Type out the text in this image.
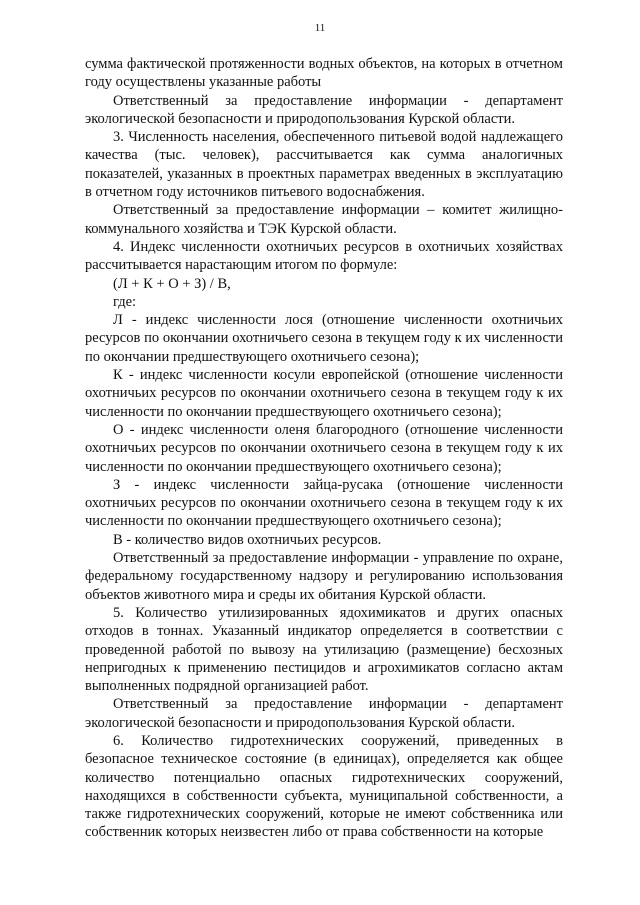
11

сумма фактической протяженности водных объектов, на которых в отчетном году осуществлены указанные работы

Ответственный за предоставление информации - департамент экологической безопасности и природопользования Курской области.

3. Численность населения, обеспеченного питьевой водой надлежащего качества (тыс. человек), рассчитывается как сумма аналогичных показателей, указанных в проектных параметрах введенных в эксплуатацию в отчетном году источников питьевого водоснабжения.

Ответственный за предоставление информации – комитет жилищно-коммунального хозяйства и ТЭК Курской области.

4. Индекс численности охотничьих ресурсов в охотничьих хозяйствах рассчитывается нарастающим итогом по формуле:

(Л + К + О + З) / В,

где:

Л - индекс численности лося (отношение численности охотничьих ресурсов по окончании охотничьего сезона в текущем году к их численности по окончании предшествующего охотничьего сезона);

К - индекс численности косули европейской (отношение численности охотничьих ресурсов по окончании охотничьего сезона в текущем году к их численности по окончании предшествующего охотничьего сезона);

О - индекс численности оленя благородного (отношение численности охотничьих ресурсов по окончании охотничьего сезона в текущем году к их численности по окончании предшествующего охотничьего сезона);

З - индекс численности зайца-русака (отношение численности охотничьих ресурсов по окончании охотничьего сезона в текущем году к их численности по окончании предшествующего охотничьего сезона);

В - количество видов охотничьих ресурсов.

Ответственный за предоставление информации - управление по охране, федеральному государственному надзору и регулированию использования объектов животного мира и среды их обитания Курской области.

5. Количество утилизированных ядохимикатов и других опасных отходов в тоннах. Указанный индикатор определяется в соответствии с проведенной работой по вывозу на утилизацию (размещение) бесхозных непригодных к применению пестицидов и агрохимикатов согласно актам выполненных подрядной организацией работ.

Ответственный за предоставление информации - департамент экологической безопасности и природопользования Курской области.

6. Количество гидротехнических сооружений, приведенных в безопасное техническое состояние (в единицах), определяется как общее количество потенциально опасных гидротехнических сооружений, находящихся в собственности субъекта, муниципальной собственности, а также гидротехнических сооружений, которые не имеют собственника или собственник которых неизвестен либо от права собственности на которые
